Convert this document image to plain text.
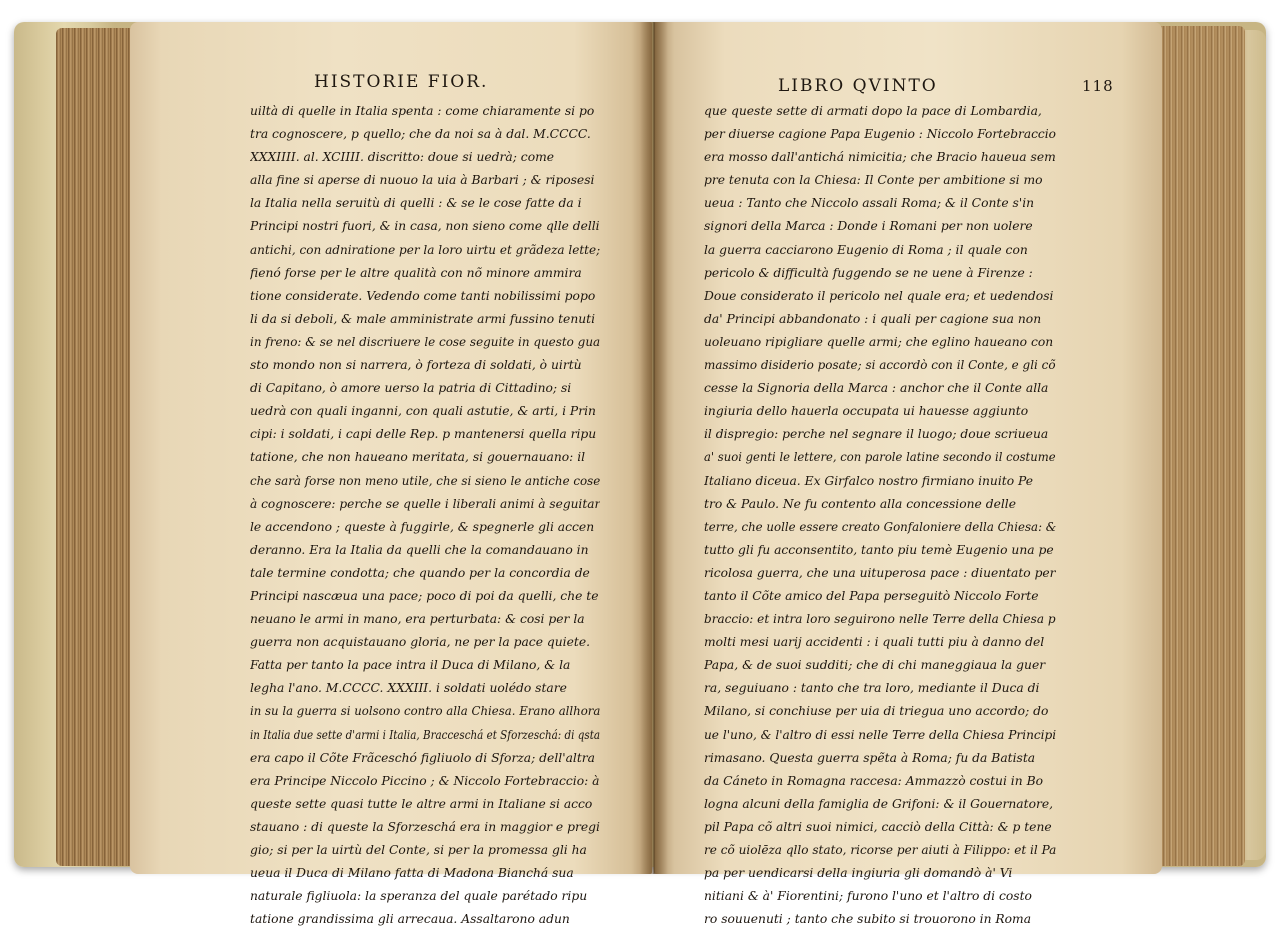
HISTORIE FIOR.	LIBRO QVINTO	118
uiltà di quelle in Italia spenta : come chiaramente si po
tra cognoscere, p quello; che da noi sa à dal. M.CCCC.
XXXIIII. al. XCIIII. discritto: doue si uedrà; come
alla fine si aperse di nuouo la uia à Barbari ; & riposesi
la Italia nella seruitù di quelli : & se le cose fatte da i
Principi nostri fuori, & in casa, non sieno come qlle delli
antichi, con adniratione per la loro uirtu et grãdeza lette;
fienó forse per le altre qualità con nõ minore ammira
tione considerate. Vedendo come tanti nobilissimi popo
li da si deboli, & male amministrate armi fussino tenuti
in freno: & se nel discriuere le cose seguite in questo gua
sto mondo non si narrera, ò forteza di soldati, ò uirtù
di Capitano, ò amore uerso la patria di Cittadino; si
uedrà con quali inganni, con quali astutie, & arti, i Prin
cipi: i soldati, i capi delle Rep. p mantenersi quella ripu
tatione, che non haueano meritata, si gouernauano: il
che sarà forse non meno utile, che si sieno le antiche cose
à cognoscere: perche se quelle i liberali animi à seguitar
le accendono ; queste à fuggirle, & spegnerle gli accen
deranno. Era la Italia da quelli che la comandauano in
tale termine condotta; che quando per la concordia de
Principi nascæua una pace; poco di poi da quelli, che te
neuano le armi in mano, era perturbata: & cosi per la
guerra non acquistauano gloria, ne per la pace quiete.
Fatta per tanto la pace intra il Duca di Milano, & la
legha l'ano. M.CCCC. XXXIII. i soldati uolédo stare
in su la guerra si uolsono contro alla Chiesa. Erano allhora
in Italia due sette d'armi i Italia, Bracceschá et Sforzeschá: di qsta
era capo il Cõte Frãceschó figliuolo di Sforza; dell'altra
era Principe Niccolo Piccino ; & Niccolo Fortebraccio: à
queste sette quasi tutte le altre armi in Italiane si acco
stauano : di queste la Sforzeschá era in maggior e pregi
gio; si per la uirtù del Conte, si per la promessa gli ha
ueua il Duca di Milano fatta di Madona Bianchá sua
naturale figliuola: la speranza del quale parétado ripu
tatione grandissima gli arrecaua. Assaltarono adun
que queste sette di armati dopo la pace di Lombardia,
per diuerse cagione Papa Eugenio : Niccolo Fortebraccio
era mosso dall'antichá nimicitia; che Bracio haueua sem
pre tenuta con la Chiesa: Il Conte per ambitione si mo
ueua : Tanto che Niccolo assali Roma; & il Conte s'in
signori della Marca : Donde i Romani per non uolere
la guerra cacciarono Eugenio di Roma ; il quale con
pericolo & difficultà fuggendo se ne uene à Firenze :
Doue considerato il pericolo nel quale era; et uedendosi
da' Principi abbandonato : i quali per cagione sua non
uoleuano ripigliare quelle armi; che eglino haueano con
massimo disiderio posate; si accordò con il Conte, e gli cõ
cesse la Signoria della Marca : anchor che il Conte alla
ingiuria dello hauerla occupata ui hauesse aggiunto
il dispregio: perche nel segnare il luogo; doue scriueua
a' suoi genti le lettere, con parole latine secondo il costume
Italiano diceua. Ex Girfalco nostro firmiano inuito Pe
tro & Paulo. Ne fu contento alla concessione delle
terre, che uolle essere creato Gonfaloniere della Chiesa: &
tutto gli fu acconsentito, tanto piu temè Eugenio una pe
ricolosa guerra, che una uituperosa pace : diuentato per
tanto il Cõte amico del Papa perseguitò Niccolo Forte
braccio: et intra loro seguirono nelle Terre della Chiesa p
molti mesi uarij accidenti : i quali tutti piu à danno del
Papa, & de suoi sudditi; che di chi maneggiaua la guer
ra, seguiuano : tanto che tra loro, mediante il Duca di
Milano, si conchiuse per uia di triegua uno accordo; do
ue l'uno, & l'altro di essi nelle Terre della Chiesa Principi
rimasano. Questa guerra spẽta à Roma; fu da Batista
da Cáneto in Romagna raccesa: Ammazzò costui in Bo
logna alcuni della famiglia de Grifoni: & il Gouernatore,
pil Papa cõ altri suoi nimici, cacciò della Città: & p tene
re cõ uiolēza qllo stato, ricorse per aiuti à Filippo: et il Pa
pa per uendicarsi della ingiuria gli domandò à' Vi
nitiani & à' Fiorentini; furono l'uno et l'altro di costo
ro souuenuti ; tanto che subito si trouorono in Roma
